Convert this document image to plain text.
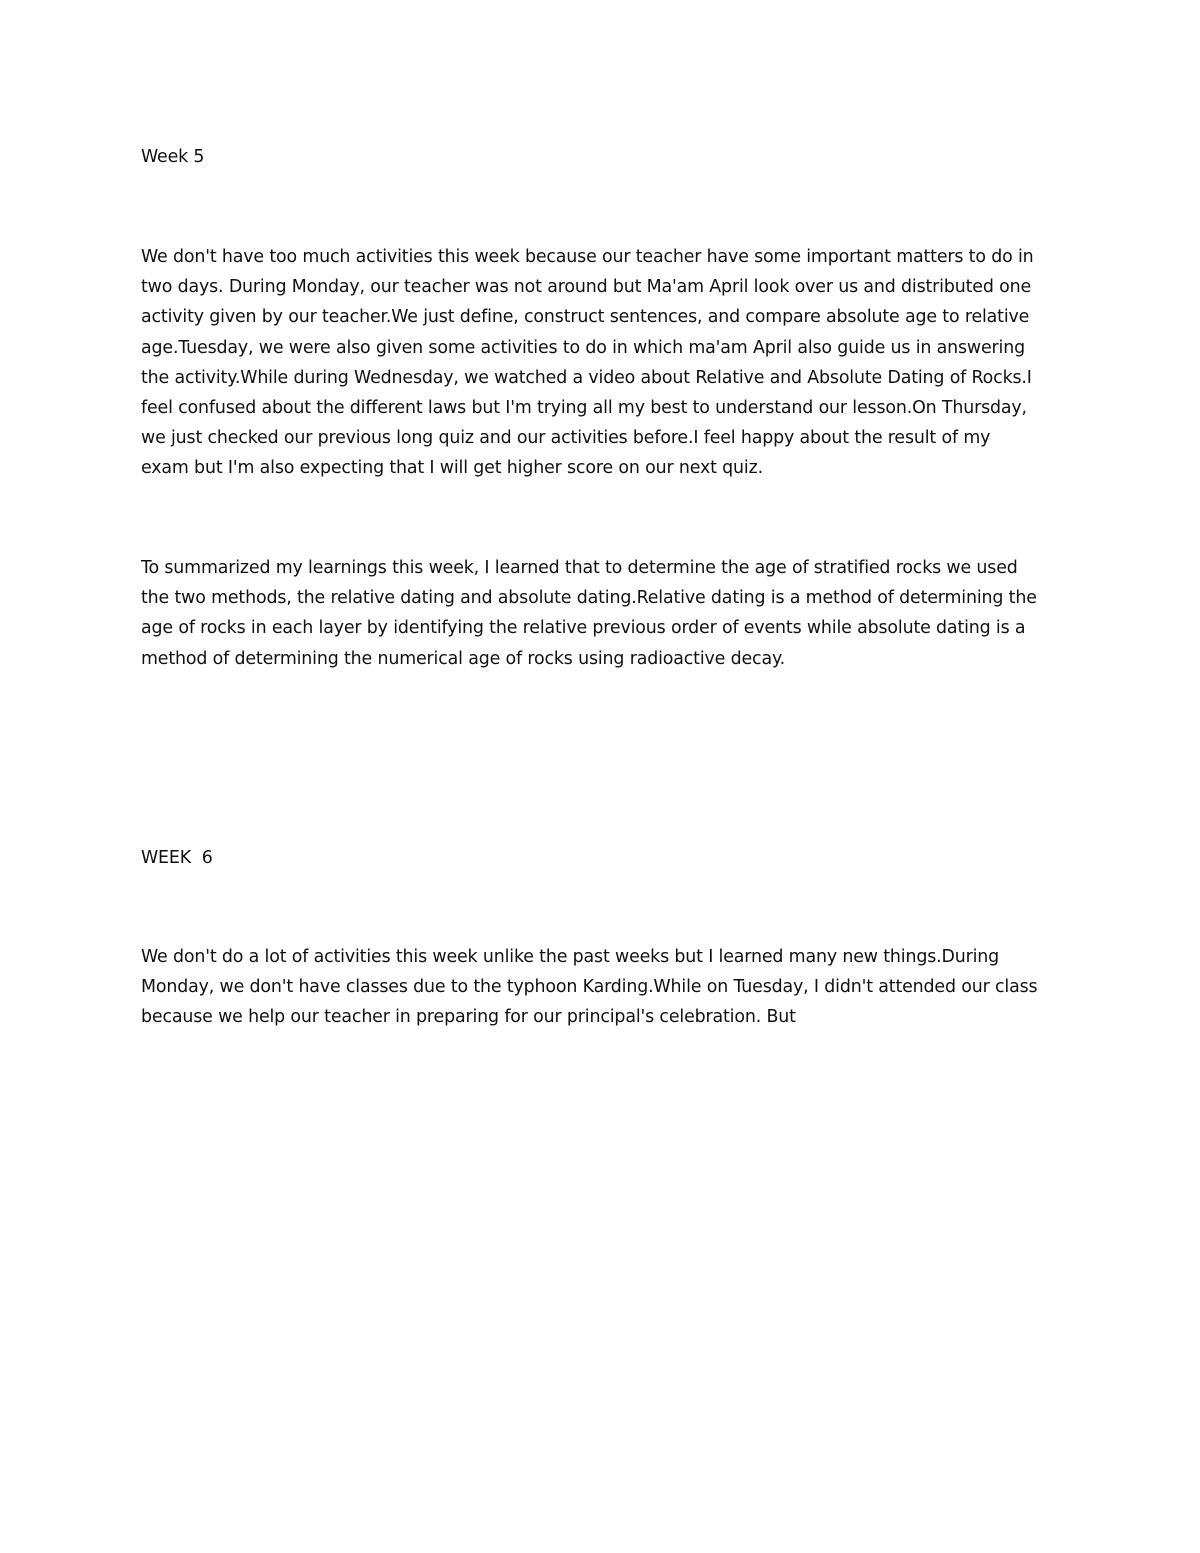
Week 5

We don't have too much activities this week because our teacher have some important matters to do in
two days. During Monday, our teacher was not around but Ma'am April look over us and distributed one
activity given by our teacher.We just define, construct sentences, and compare absolute age to relative
age.Tuesday, we were also given some activities to do in which ma'am April also guide us in answering
the activity.While during Wednesday, we watched a video about Relative and Absolute Dating of Rocks.I
feel confused about the different laws but I'm trying all my best to understand our lesson.On Thursday,
we just checked our previous long quiz and our activities before.I feel happy about the result of my
exam but I'm also expecting that I will get higher score on our next quiz.

To summarized my learnings this week, I learned that to determine the age of stratified rocks we used
the two methods, the relative dating and absolute dating.Relative dating is a method of determining the
age of rocks in each layer by identifying the relative previous order of events while absolute dating is a
method of determining the numerical age of rocks using radioactive decay.

WEEK  6

We don't do a lot of activities this week unlike the past weeks but I learned many new things.During
Monday, we don't have classes due to the typhoon Karding.While on Tuesday, I didn't attended our class
because we help our teacher in preparing for our principal's celebration. But
